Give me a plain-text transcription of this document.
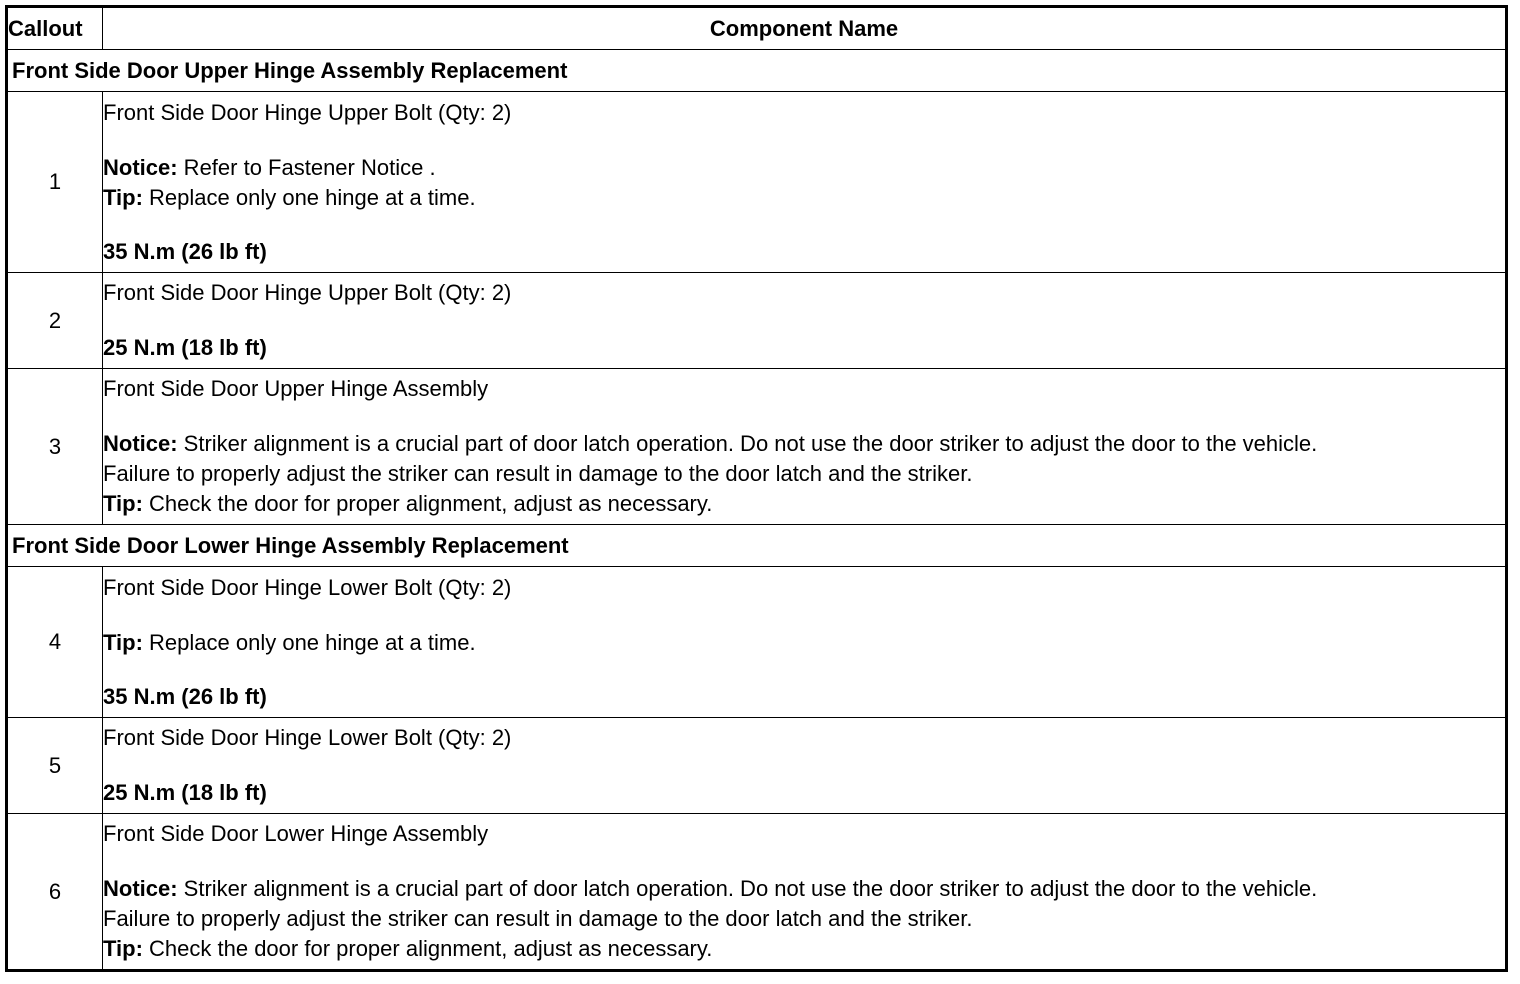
Callout	Component Name
Front Side Door Upper Hinge Assembly Replacement	
1	Front Side Door Hinge Upper Bolt (Qty: 2)
Notice: Refer to Fastener Notice .
Tip: Replace only one hinge at a time.
35 N.m (26 lb ft)

2	Front Side Door Hinge Upper Bolt (Qty: 2)
25 N.m (18 lb ft)

3	Front Side Door Upper Hinge Assembly
Notice: Striker alignment is a crucial part of door latch operation. Do not use the door striker to adjust the door to the vehicle.
Failure to properly adjust the striker can result in damage to the door latch and the striker.
Tip: Check the door for proper alignment, adjust as necessary.

Front Side Door Lower Hinge Assembly Replacement	
4	Front Side Door Hinge Lower Bolt (Qty: 2)
Tip: Replace only one hinge at a time.
35 N.m (26 lb ft)

5	Front Side Door Hinge Lower Bolt (Qty: 2)
25 N.m (18 lb ft)

6	Front Side Door Lower Hinge Assembly
Notice: Striker alignment is a crucial part of door latch operation. Do not use the door striker to adjust the door to the vehicle.
Failure to properly adjust the striker can result in damage to the door latch and the striker.
Tip: Check the door for proper alignment, adjust as necessary.
